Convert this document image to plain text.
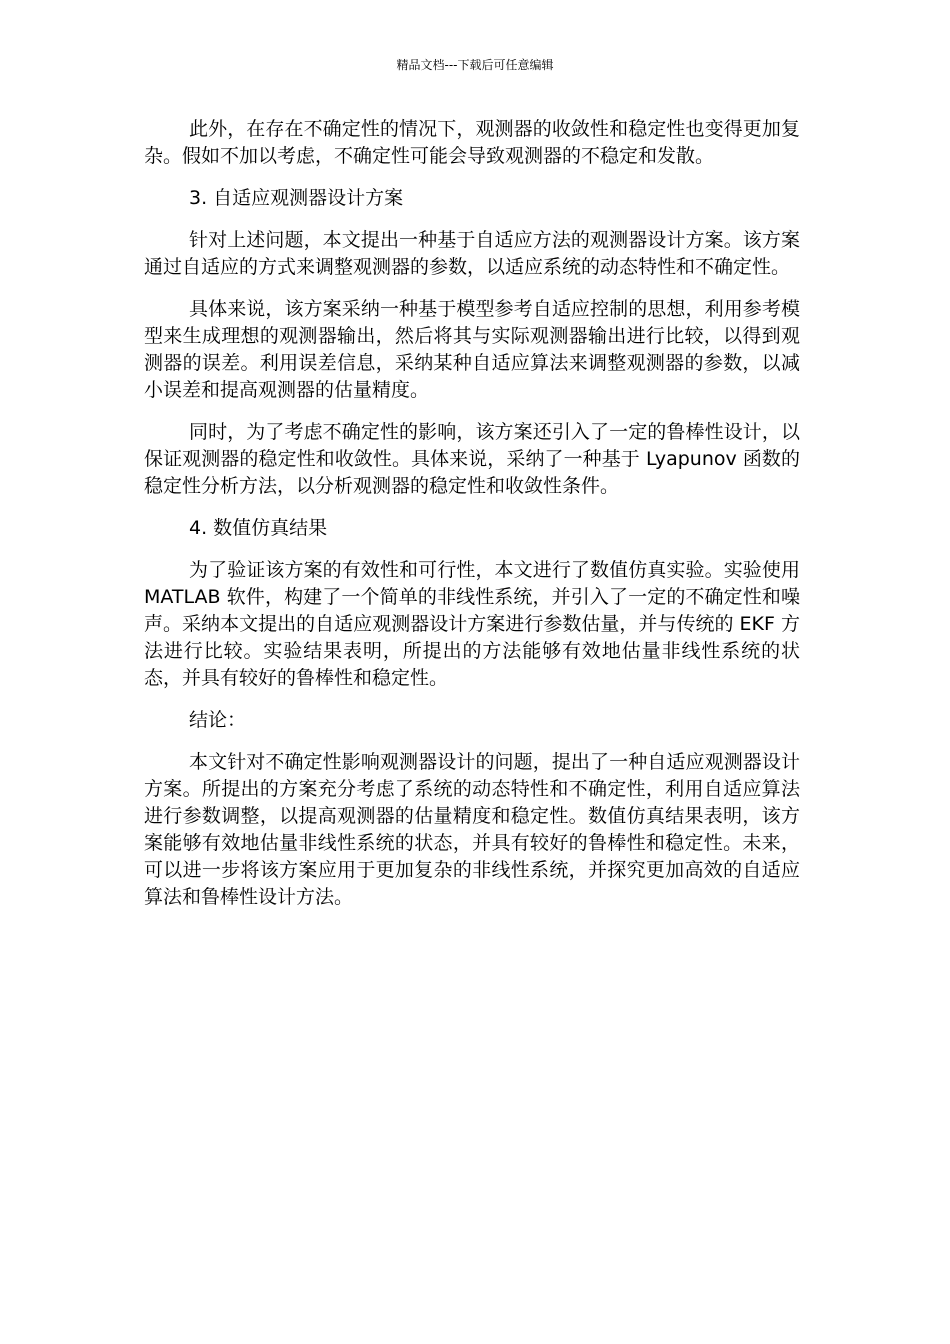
精品文档---下载后可任意编辑

此外，在存在不确定性的情况下，观测器的收敛性和稳定性也变得更加复杂。假如不加以考虑，不确定性可能会导致观测器的不稳定和发散。

3. 自适应观测器设计方案

针对上述问题，本文提出一种基于自适应方法的观测器设计方案。该方案通过自适应的方式来调整观测器的参数，以适应系统的动态特性和不确定性。

具体来说，该方案采纳一种基于模型参考自适应控制的思想，利用参考模型来生成理想的观测器输出，然后将其与实际观测器输出进行比较，以得到观测器的误差。利用误差信息，采纳某种自适应算法来调整观测器的参数，以减小误差和提高观测器的估量精度。

同时，为了考虑不确定性的影响，该方案还引入了一定的鲁棒性设计，以保证观测器的稳定性和收敛性。具体来说，采纳了一种基于 Lyapunov 函数的稳定性分析方法，以分析观测器的稳定性和收敛性条件。

4. 数值仿真结果

为了验证该方案的有效性和可行性，本文进行了数值仿真实验。实验使用 MATLAB 软件，构建了一个简单的非线性系统，并引入了一定的不确定性和噪声。采纳本文提出的自适应观测器设计方案进行参数估量，并与传统的 EKF 方法进行比较。实验结果表明，所提出的方法能够有效地估量非线性系统的状态，并具有较好的鲁棒性和稳定性。

结论：

本文针对不确定性影响观测器设计的问题，提出了一种自适应观测器设计方案。所提出的方案充分考虑了系统的动态特性和不确定性，利用自适应算法进行参数调整，以提高观测器的估量精度和稳定性。数值仿真结果表明，该方案能够有效地估量非线性系统的状态，并具有较好的鲁棒性和稳定性。未来，可以进一步将该方案应用于更加复杂的非线性系统，并探究更加高效的自适应算法和鲁棒性设计方法。
